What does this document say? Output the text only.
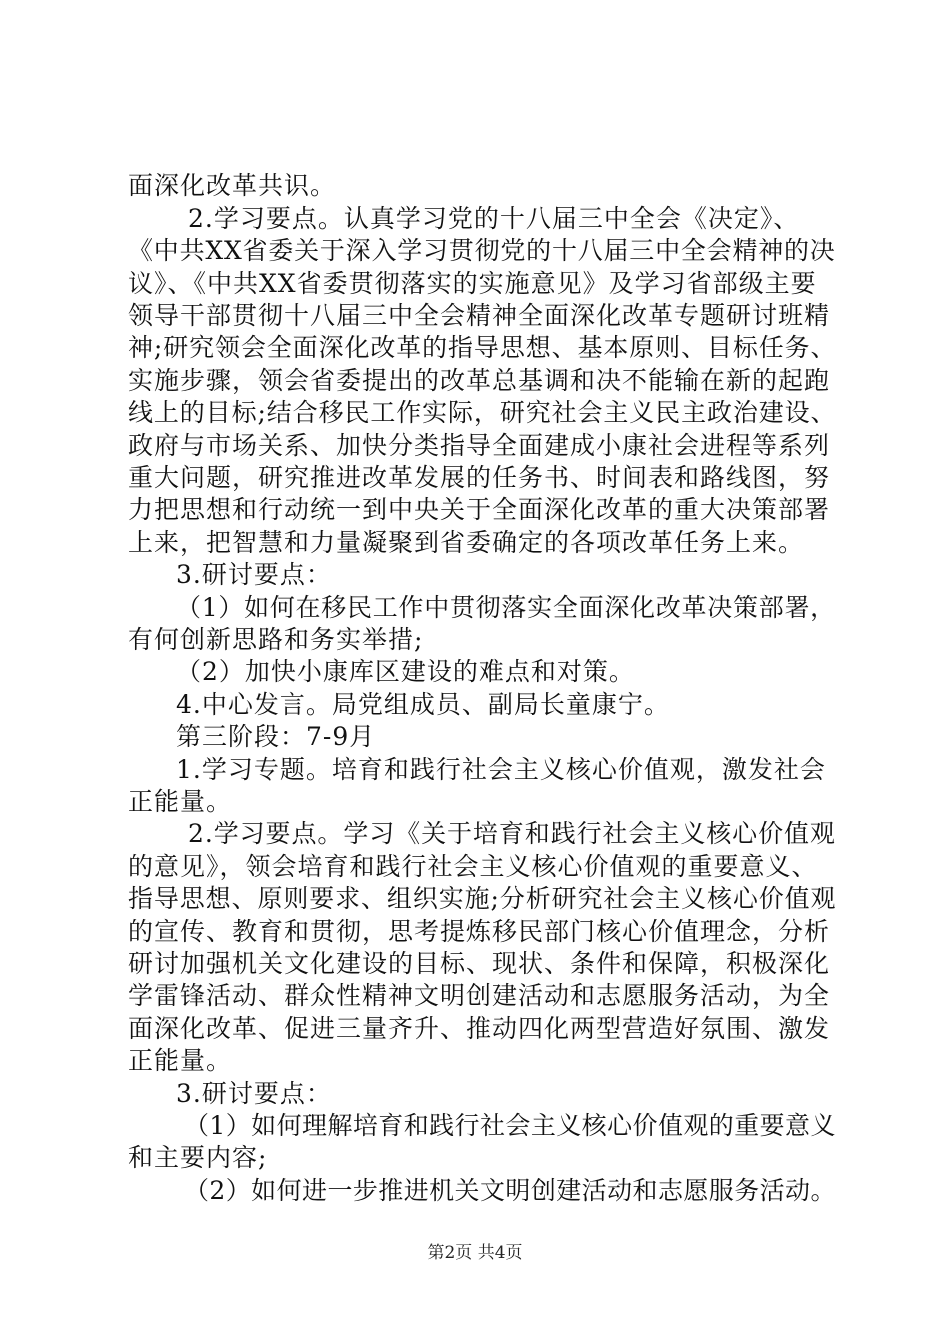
面深化改革共识。
2.学习要点。认真学习党的十八届三中全会《决定》、
《中共XX省委关于深入学习贯彻党的十八届三中全会精神的决
议》、《中共XX省委贯彻落实的实施意见》及学习省部级主要
领导干部贯彻十八届三中全会精神全面深化改革专题研讨班精
神;研究领会全面深化改革的指导思想、基本原则、目标任务、
实施步骤，领会省委提出的改革总基调和决不能输在新的起跑
线上的目标;结合移民工作实际，研究社会主义民主政治建设、
政府与市场关系、加快分类指导全面建成小康社会进程等系列
重大问题，研究推进改革发展的任务书、时间表和路线图，努
力把思想和行动统一到中央关于全面深化改革的重大决策部署
上来，把智慧和力量凝聚到省委确定的各项改革任务上来。
3.研讨要点：
（1）如何在移民工作中贯彻落实全面深化改革决策部署，
有何创新思路和务实举措;
（2）加快小康库区建设的难点和对策。
4.中心发言。局党组成员、副局长童康宁。
第三阶段：7-9月
1.学习专题。培育和践行社会主义核心价值观，激发社会
正能量。
2.学习要点。学习《关于培育和践行社会主义核心价值观
的意见》，领会培育和践行社会主义核心价值观的重要意义、
指导思想、原则要求、组织实施;分析研究社会主义核心价值观
的宣传、教育和贯彻，思考提炼移民部门核心价值理念，分析
研讨加强机关文化建设的目标、现状、条件和保障，积极深化
学雷锋活动、群众性精神文明创建活动和志愿服务活动，为全
面深化改革、促进三量齐升、推动四化两型营造好氛围、激发
正能量。
3.研讨要点：
（1）如何理解培育和践行社会主义核心价值观的重要意义
和主要内容;
（2）如何进一步推进机关文明创建活动和志愿服务活动。
第2页 共4页
